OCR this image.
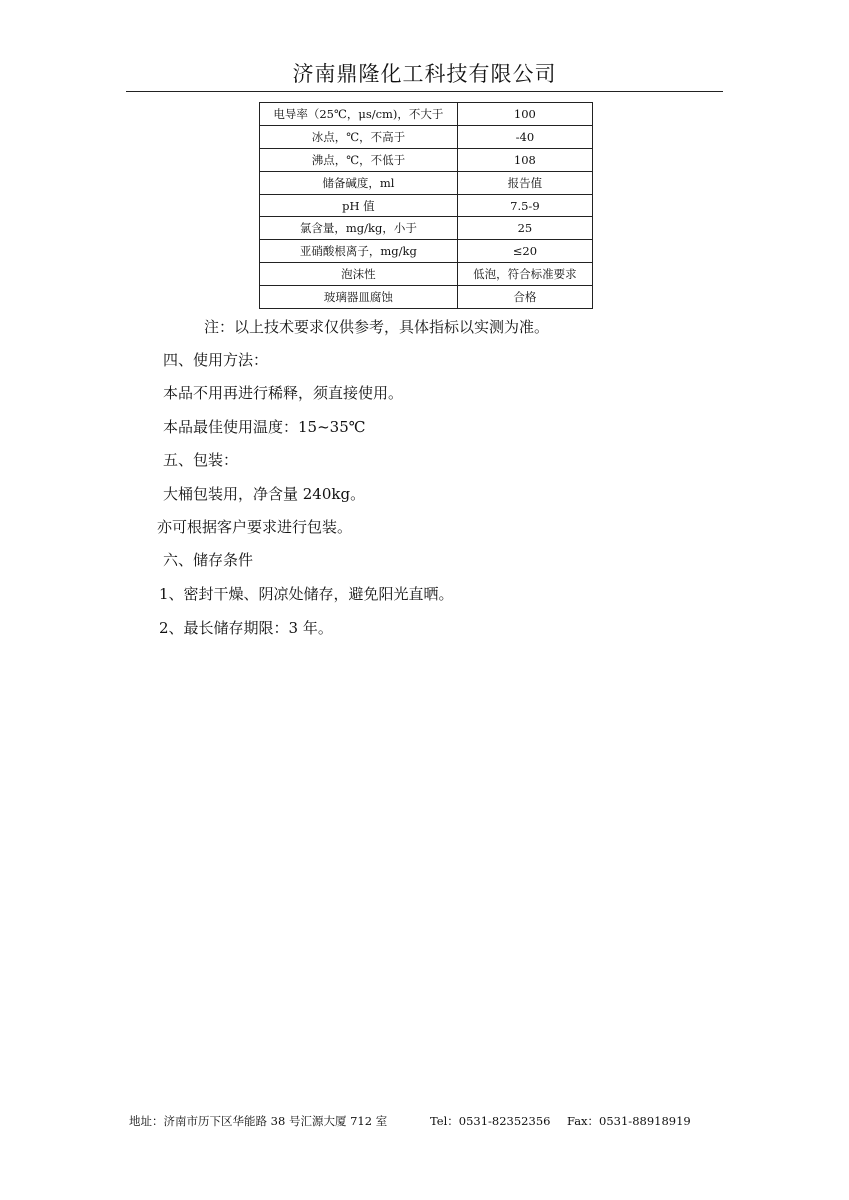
济南鼎隆化工科技有限公司
电导率（25℃，μs/cm)，不大于	100
冰点，℃，不高于	-40
沸点，℃，不低于	108
储备碱度，ml	报告值
pH 值	7.5-9
氯含量，mg/kg，小于	25
亚硝酸根离子，mg/kg	≤20
泡沫性	低泡，符合标准要求
玻璃器皿腐蚀	合格
注：以上技术要求仅供参考，具体指标以实测为准。
四、使用方法：
本品不用再进行稀释，须直接使用。
本品最佳使用温度：15~35℃
五、包装：
大桶包装用，净含量 240kg。
亦可根据客户要求进行包装。
六、储存条件
1、密封干燥、阴凉处储存，避免阳光直晒。
2、最长储存期限：3 年。
地址：济南市历下区华能路 38 号汇源大厦 712 室	Tel：0531-82352356 Fax：0531-88918919
